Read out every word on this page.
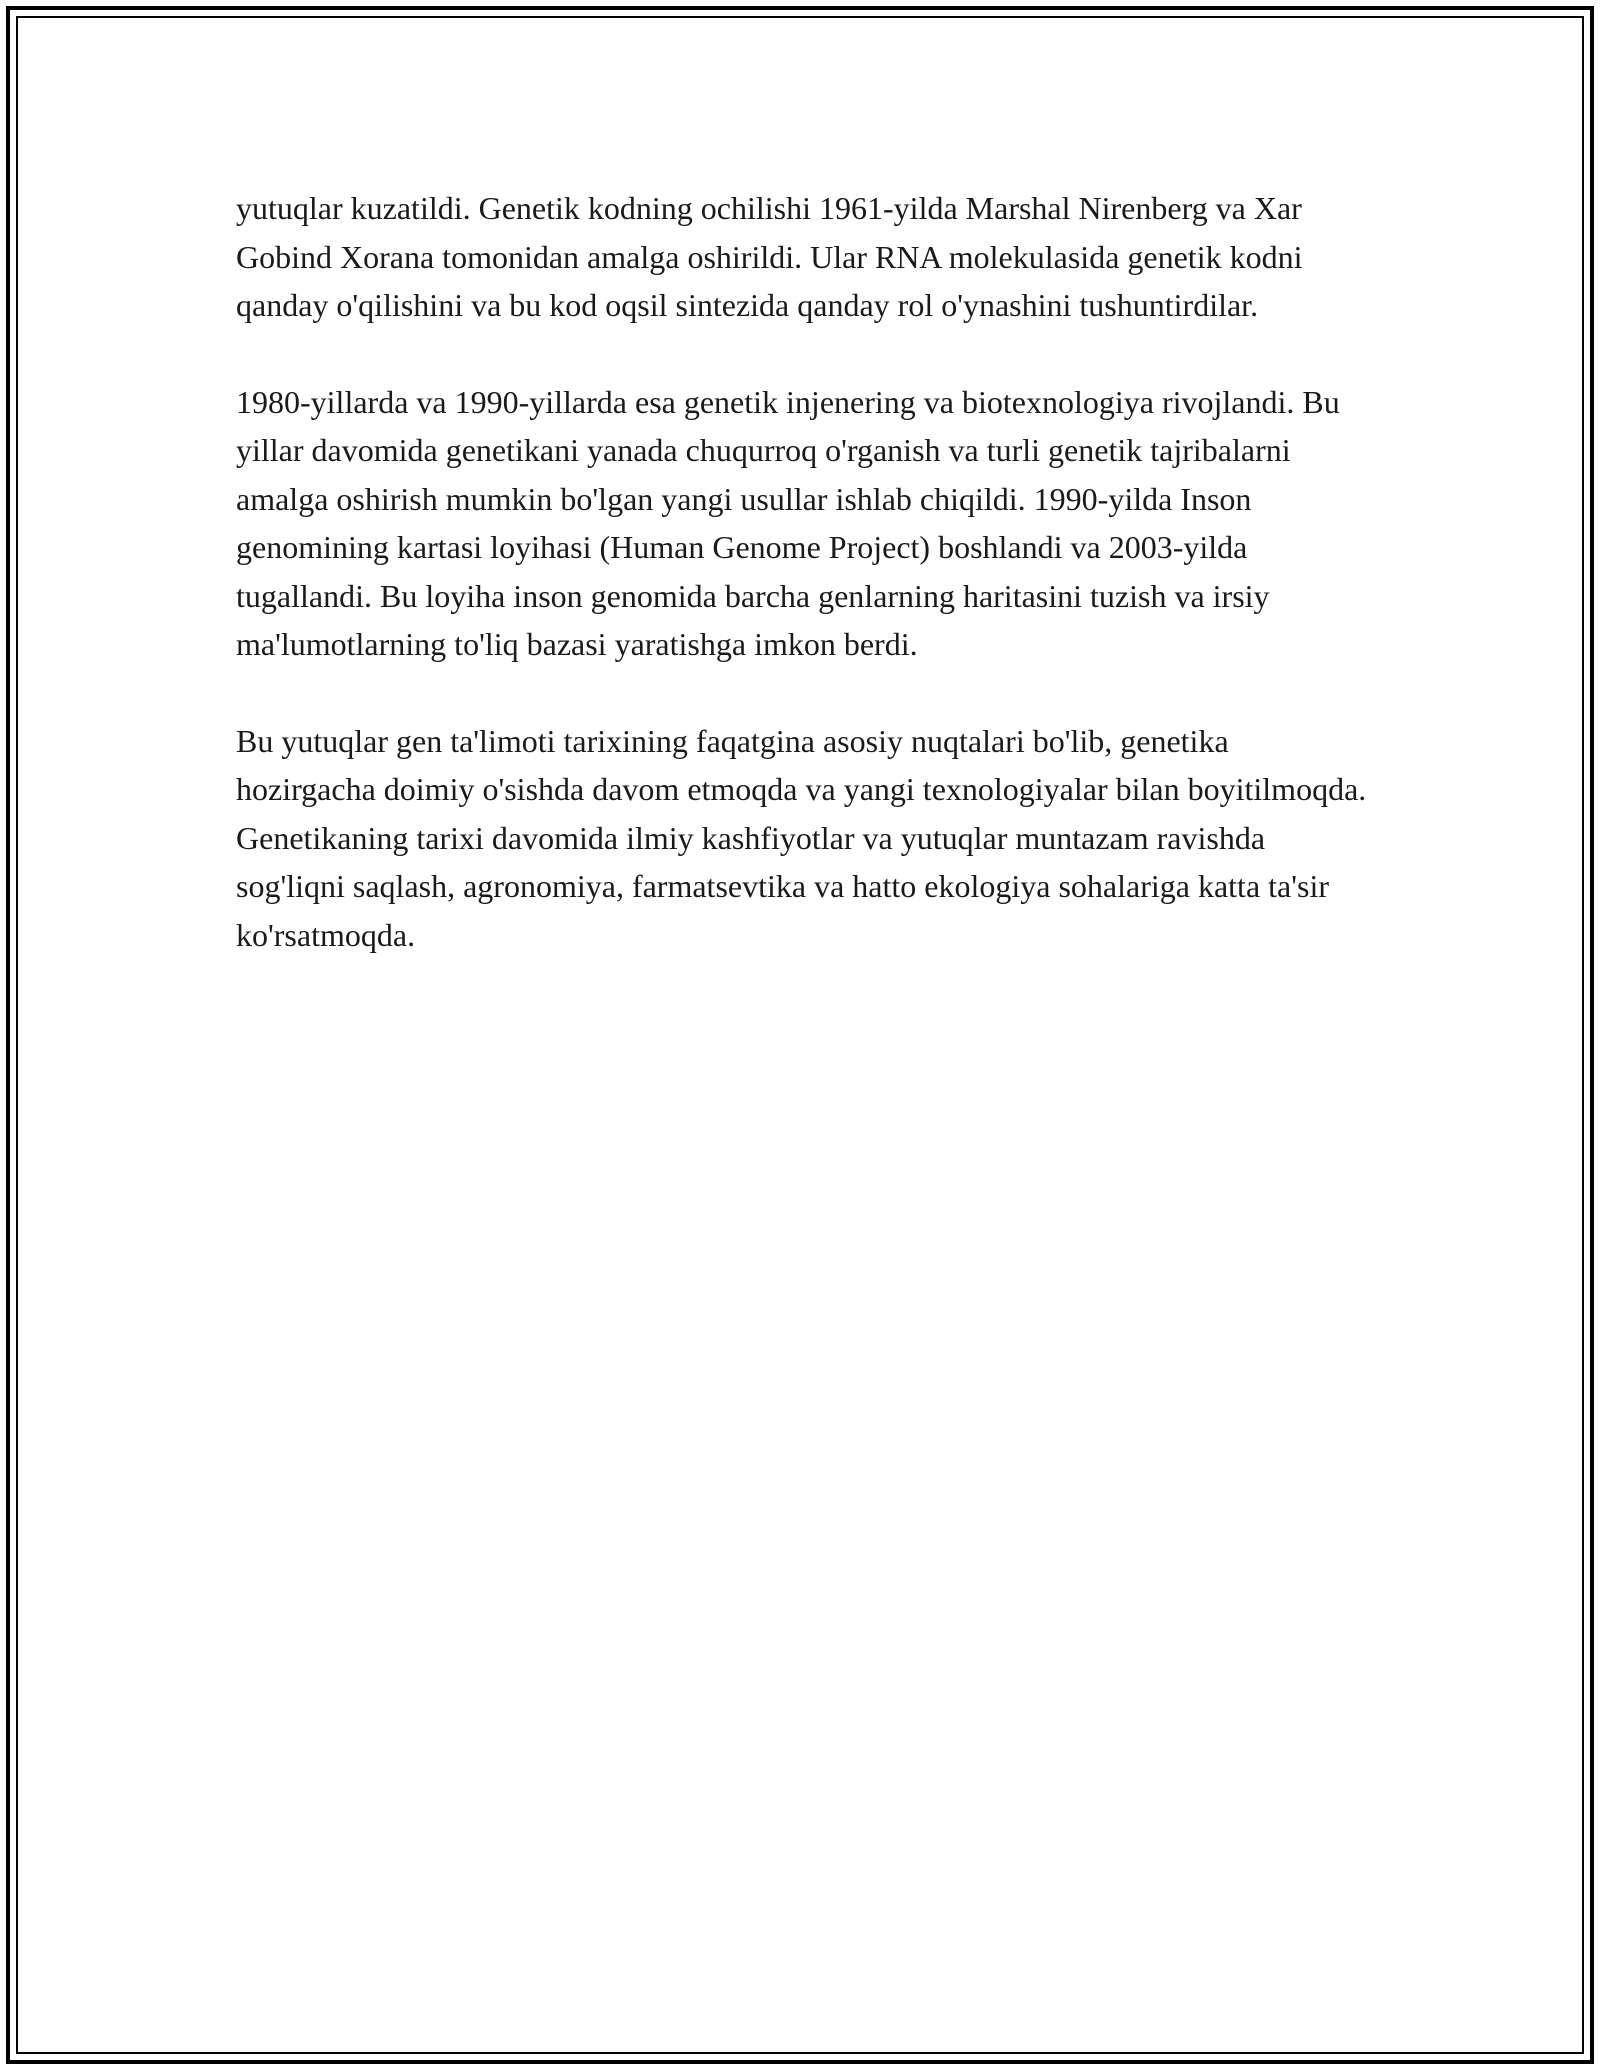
yutuqlar kuzatildi. Genetik kodning ochilishi 1961-yilda Marshal Nirenberg va Xar Gobind Xorana tomonidan amalga oshirildi. Ular RNA molekulasida genetik kodni qanday o'qilishini va bu kod oqsil sintezida qanday rol o'ynashini tushuntirdilar.

1980-yillarda va 1990-yillarda esa genetik injenering va biotexnologiya rivojlandi. Bu yillar davomida genetikani yanada chuqurroq o'rganish va turli genetik tajribalarni amalga oshirish mumkin bo'lgan yangi usullar ishlab chiqildi. 1990-yilda Inson genomining kartasi loyihasi (Human Genome Project) boshlandi va 2003-yilda tugallandi. Bu loyiha inson genomida barcha genlarning haritasini tuzish va irsiy ma'lumotlarning to'liq bazasi yaratishga imkon berdi.

Bu yutuqlar gen ta'limoti tarixining faqatgina asosiy nuqtalari bo'lib, genetika hozirgacha doimiy o'sishda davom etmoqda va yangi texnologiyalar bilan boyitilmoqda. Genetikaning tarixi davomida ilmiy kashfiyotlar va yutuqlar muntazam ravishda sog'liqni saqlash, agronomiya, farmatsevtika va hatto ekologiya sohalariga katta ta'sir ko'rsatmoqda.
